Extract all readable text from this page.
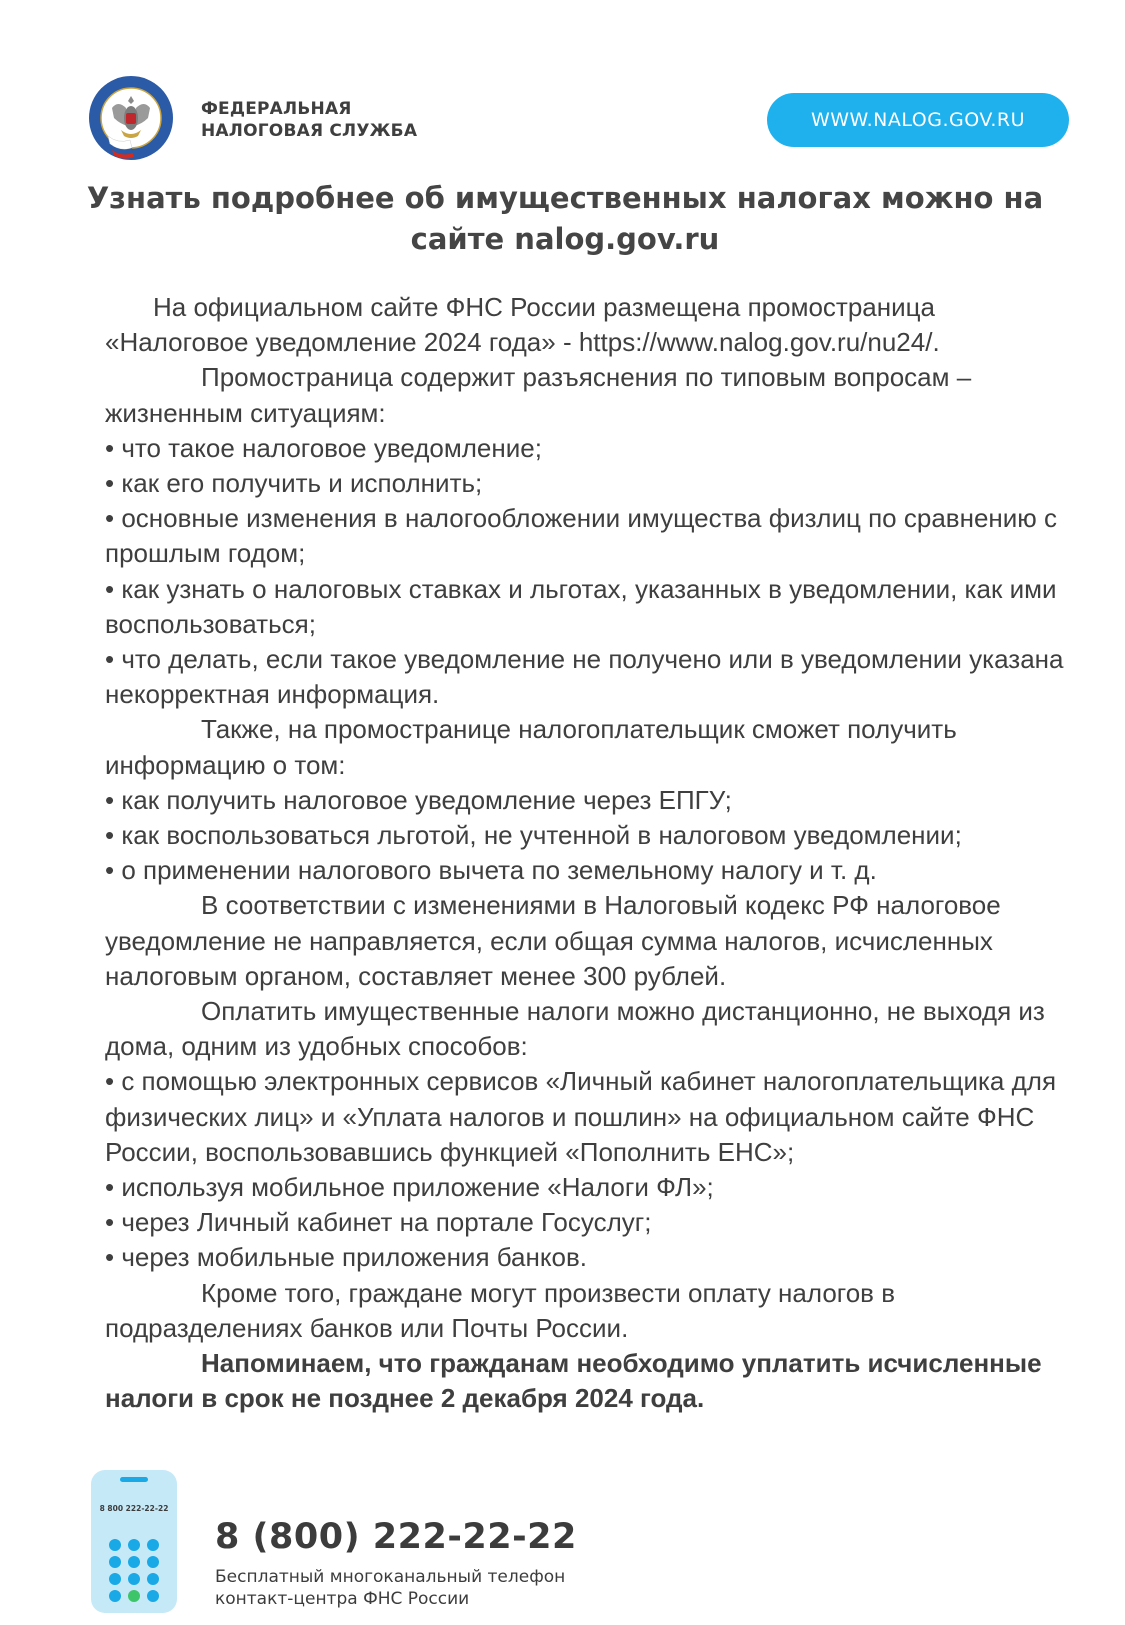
ФЕДЕРАЛЬНАЯ
НАЛОГОВАЯ СЛУЖБА	WWW.NALOG.GOV.RU
Узнать подробнее об имущественных налогах можно на сайте nalog.gov.ru

На официальном сайте ФНС России размещена промостраница «Налоговое уведомление 2024 года» - https://www.nalog.gov.ru/nu24/.

Промостраница содержит разъяснения по типовым вопросам – жизненным ситуациям:

• что такое налоговое уведомление;
• как его получить и исполнить;
• основные изменения в налогообложении имущества физлиц по сравнению с прошлым годом;
• как узнать о налоговых ставках и льготах, указанных в уведомлении, как ими воспользоваться;
• что делать, если такое уведомление не получено или в уведомлении указана некорректная информация.

Также, на промостранице налогоплательщик сможет получить информацию о том:

• как получить налоговое уведомление через ЕПГУ;
• как воспользоваться льготой, не учтенной в налоговом уведомлении;
• о применении налогового вычета по земельному налогу и т. д.

В соответствии с изменениями в Налоговый кодекс РФ налоговое уведомление не направляется, если общая сумма налогов, исчисленных налоговым органом, составляет менее 300 рублей.

Оплатить имущественные налоги можно дистанционно, не выходя из дома, одним из удобных способов:

• с помощью электронных сервисов «Личный кабинет налогоплательщика для физических лиц» и «Уплата налогов и пошлин» на официальном сайте ФНС России, воспользовавшись функцией «Пополнить ЕНС»;
• используя мобильное приложение «Налоги ФЛ»;
• через Личный кабинет на портале Госуслуг;
• через мобильные приложения банков.

Кроме того, граждане могут произвести оплату налогов в подразделениях банков или Почты России.

Напоминаем, что гражданам необходимо уплатить исчисленные налоги в срок не позднее 2 декабря 2024 года.

8 800 222-22-22
8 (800) 222-22-22
Бесплатный многоканальный телефон
контакт-центра ФНС России
